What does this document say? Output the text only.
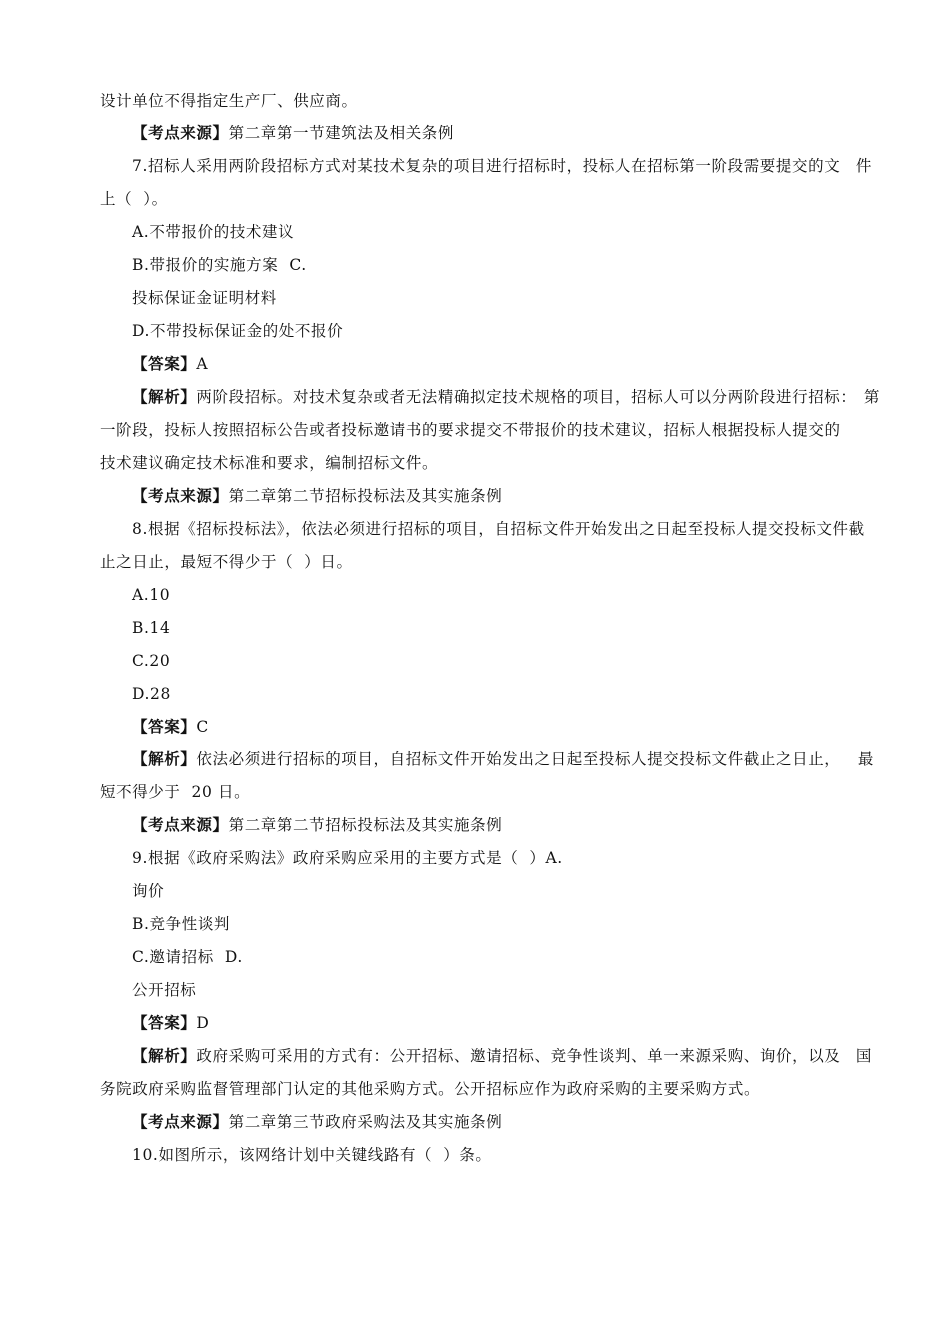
设计单位不得指定生产厂、供应商。
【考点来源】第二章第一节建筑法及相关条例
7.招标人采用两阶段招标方式对某技术复杂的项目进行招标时，投标人在招标第一阶段需要提交的文 件
上（  ）。
A.不带报价的技术建议
B.带报价的实施方案  C.
投标保证金证明材料
D.不带投标保证金的处不报价
【答案】A
【解析】两阶段招标。对技术复杂或者无法精确拟定技术规格的项目，招标人可以分两阶段进行招标： 第
一阶段，投标人按照招标公告或者投标邀请书的要求提交不带报价的技术建议，招标人根据投标人提交的
技术建议确定技术标准和要求，编制招标文件。
【考点来源】第二章第二节招标投标法及其实施条例
8.根据《招标投标法》，依法必须进行招标的项目，自招标文件开始发出之日起至投标人提交投标文 件截
止之日止，最短不得少于（  ）日。
A.10
B.14
C.20
D.28
【答案】C
【解析】依法必须进行招标的项目，自招标文件开始发出之日起至投标人提交投标文件截止之日止， 最
短不得少于  20 日。
【考点来源】第二章第二节招标投标法及其实施条例
9.根据《政府采购法》政府采购应采用的主要方式是（  ）A.
询价
B.竞争性谈判
C.邀请招标  D.
公开招标
【答案】D
【解析】政府采购可采用的方式有：公开招标、邀请招标、竞争性谈判、单一来源采购、询价，以及 国
务院政府采购监督管理部门认定的其他采购方式。公开招标应作为政府采购的主要采购方式。
【考点来源】第二章第三节政府采购法及其实施条例
10.如图所示，该网络计划中关键线路有（  ）条。
